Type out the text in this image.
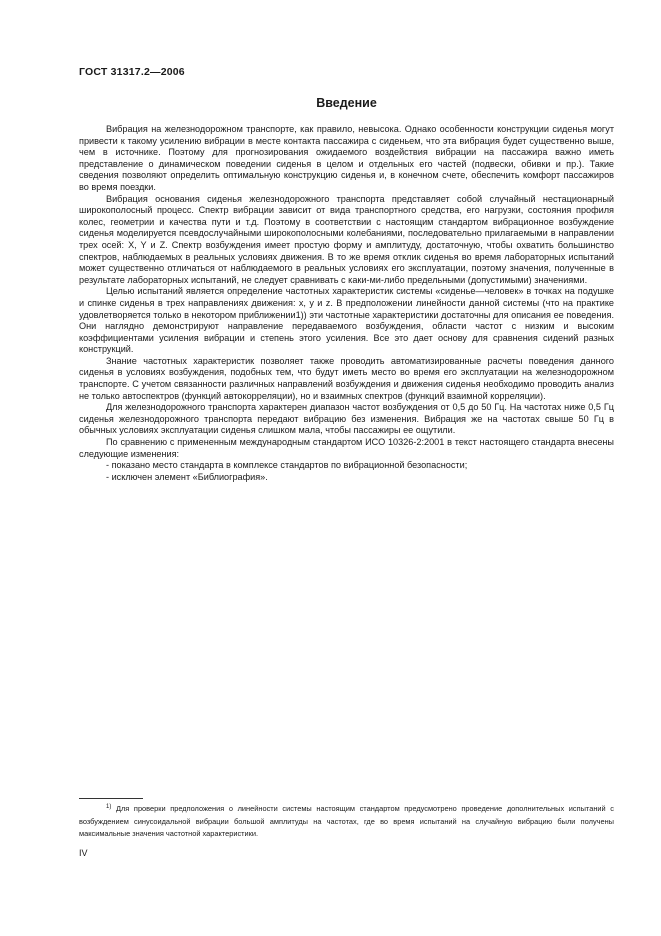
ГОСТ 31317.2—2006
Введение

Вибрация на железнодорожном транспорте, как правило, невысока. Однако особенности конструкции сиденья могут привести к такому усилению вибрации в месте контакта пассажира с сиденьем, что эта вибрация будет существенно выше, чем в источнике. Поэтому для прогнозирования ожидаемого воздействия вибрации на пассажира важно иметь представление о динамическом поведении сиденья в целом и отдельных его частей (подвески, обивки и пр.). Такие сведения позволяют определить оптимальную конструкцию сиденья и, в конечном счете, обеспечить комфорт пассажиров во время поездки.

Вибрация основания сиденья железнодорожного транспорта представляет собой случайный нестационарный широкополосный процесс. Спектр вибрации зависит от вида транспортного средства, его нагрузки, состояния профиля колес, геометрии и качества пути и т.д. Поэтому в соответствии с настоящим стандартом вибрационное возбуждение сиденья моделируется псевдослучайными широкополосными колебаниями, последовательно прилагаемыми в направлении трех осей: X, Y и Z. Спектр возбуждения имеет простую форму и амплитуду, достаточную, чтобы охватить большинство спектров, наблюдаемых в реальных условиях движения. В то же время отклик сиденья во время лабораторных испытаний может существенно отличаться от наблюдаемого в реальных условиях его эксплуатации, поэтому значения, полученные в результате лабораторных испытаний, не следует сравнивать с каки-ми-либо предельными (допустимыми) значениями.

Целью испытаний является определение частотных характеристик системы «сиденье—человек» в точках на подушке и спинке сиденья в трех направлениях движения: x, y и z. В предположении линейности данной системы (что на практике удовлетворяется только в некотором приближении1)) эти частотные характеристики достаточны для описания ее поведения. Они наглядно демонстрируют направление передаваемого возбуждения, области частот с низким и высоким коэффициентами усиления вибрации и степень этого усиления. Все это дает основу для сравнения сидений разных конструкций.

Знание частотных характеристик позволяет также проводить автоматизированные расчеты поведения данного сиденья в условиях возбуждения, подобных тем, что будут иметь место во время его эксплуатации на железнодорожном транспорте. С учетом связанности различных направлений возбуждения и движения сиденья необходимо проводить анализ не только автоспектров (функций автокорреляции), но и взаимных спектров (функций взаимной корреляции).

Для железнодорожного транспорта характерен диапазон частот возбуждения от 0,5 до 50 Гц. На частотах ниже 0,5 Гц сиденья железнодорожного транспорта передают вибрацию без изменения. Вибрация же на частотах свыше 50 Гц в обычных условиях эксплуатации сиденья слишком мала, чтобы пассажиры ее ощутили.

По сравнению с примененным международным стандартом ИСО 10326-2:2001 в текст настоящего стандарта внесены следующие изменения:

- показано место стандарта в комплексе стандартов по вибрационной безопасности;

- исключен элемент «Библиография».

$^{1)}$ Для проверки предположения о линейности системы настоящим стандартом предусмотрено проведение дополнительных испытаний с возбуждением синусоидальной вибрации большой амплитуды на частотах, где во время испытаний на случайную вибрацию были получены максимальные значения частотной характеристики.

IV
